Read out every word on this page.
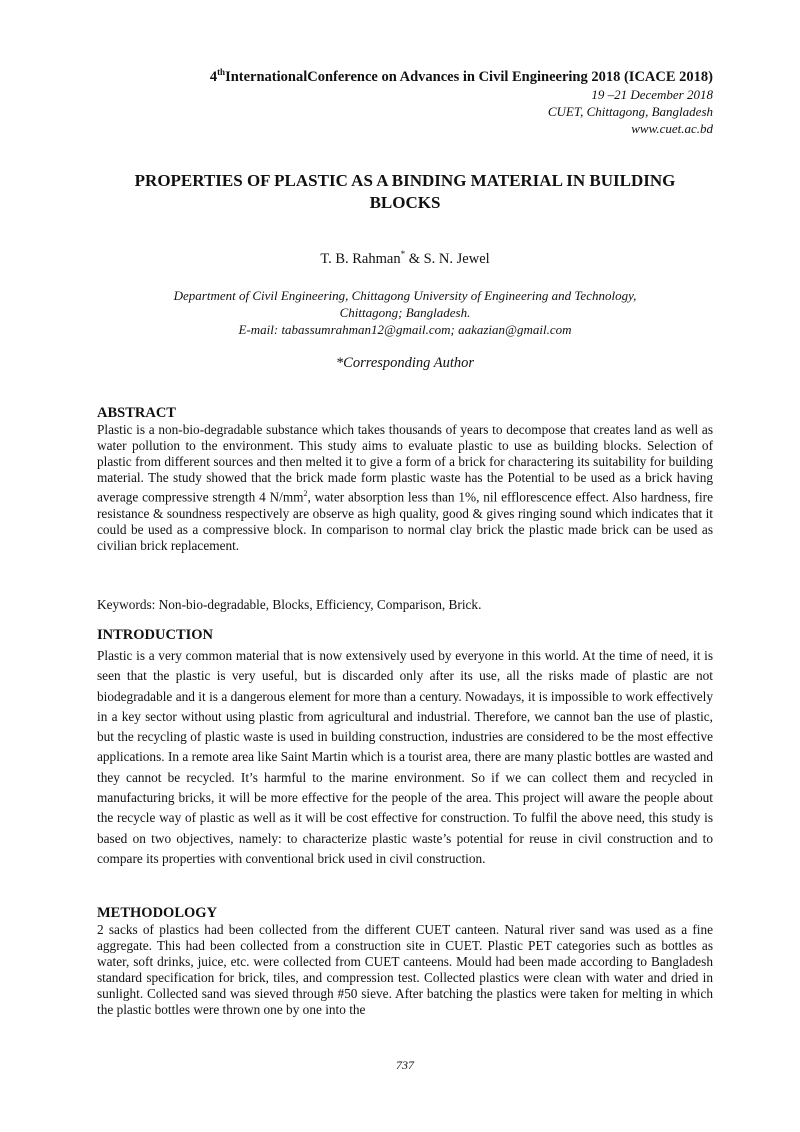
4thInternationalConference on Advances in Civil Engineering 2018 (ICACE 2018)
19 –21 December 2018
CUET, Chittagong, Bangladesh
www.cuet.ac.bd
PROPERTIES OF PLASTIC AS A BINDING MATERIAL IN BUILDING
BLOCKS
T. B. Rahman* & S. N. Jewel
Department of Civil Engineering, Chittagong University of Engineering and Technology,
Chittagong; Bangladesh.
E-mail: tabassumrahman12@gmail.com; aakazian@gmail.com
*Corresponding Author
ABSTRACT
Plastic is a non-bio-degradable substance which takes thousands of years to decompose that creates land as well as water pollution to the environment. This study aims to evaluate plastic to use as building blocks. Selection of plastic from different sources and then melted it to give a form of a brick for charactering its suitability for building material. The study showed that the brick made form plastic waste has the Potential to be used as a brick having average compressive strength 4 $N/mm^2$, water absorption less than 1%, nil efflorescence effect. Also hardness, fire resistance & soundness respectively are observe as high quality, good & gives ringing sound which indicates that it could be used as a compressive block. In comparison to normal clay brick the plastic made brick can be used as civilian brick replacement.
Keywords: Non-bio-degradable, Blocks, Efficiency, Comparison, Brick.
INTRODUCTION
Plastic is a very common material that is now extensively used by everyone in this world. At the time of need, it is seen that the plastic is very useful, but is discarded only after its use, all the risks made of plastic are not biodegradable and it is a dangerous element for more than a century. Nowadays, it is impossible to work effectively in a key sector without using plastic from agricultural and industrial. Therefore, we cannot ban the use of plastic, but the recycling of plastic waste is used in building construction, industries are considered to be the most effective applications. In a remote area like Saint Martin which is a tourist area, there are many plastic bottles are wasted and they cannot be recycled. It’s harmful to the marine environment. So if we can collect them and recycled in manufacturing bricks, it will be more effective for the people of the area. This project will aware the people about the recycle way of plastic as well as it will be cost effective for construction. To fulfil the above need, this study is based on two objectives, namely: to characterize plastic waste’s potential for reuse in civil construction and to compare its properties with conventional brick used in civil construction.
METHODOLOGY
2 sacks of plastics had been collected from the different CUET canteen. Natural river sand was used as a fine aggregate. This had been collected from a construction site in CUET. Plastic PET categories such as bottles as water, soft drinks, juice, etc. were collected from CUET canteens. Mould had been made according to Bangladesh standard specification for brick, tiles, and compression test. Collected plastics were clean with water and dried in sunlight. Collected sand was sieved through #50 sieve. After batching the plastics were taken for melting in which the plastic bottles were thrown one by one into the
737
